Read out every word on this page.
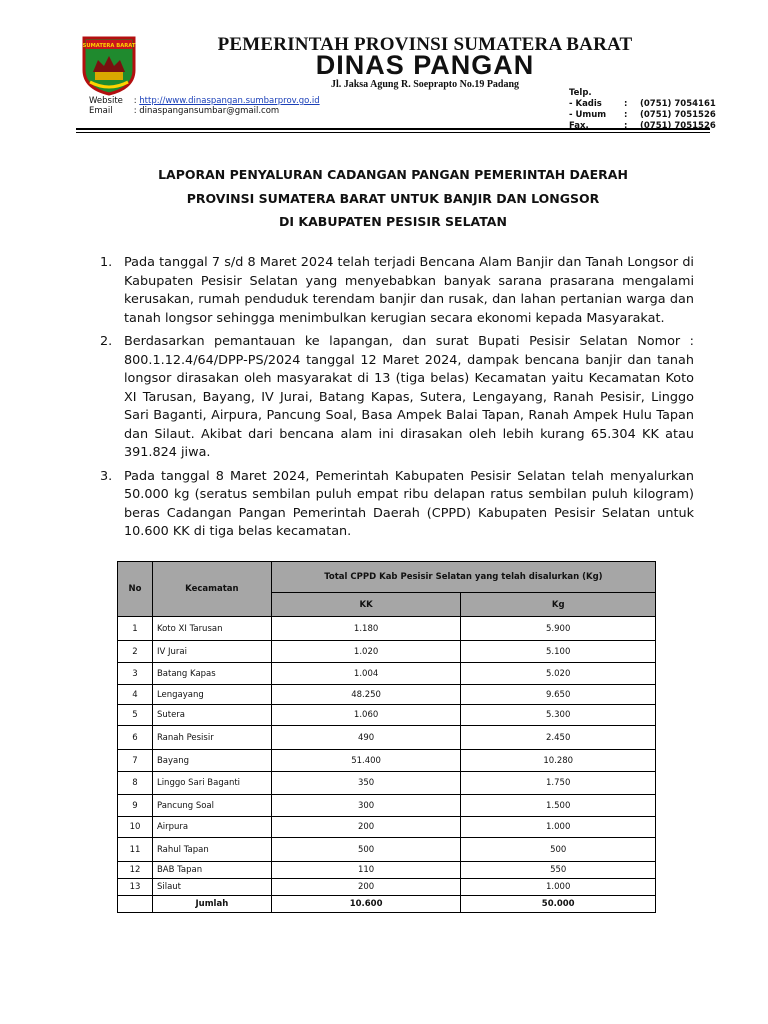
SUMATERA BARAT	PEMERINTAH PROVINSI SUMATERA BARAT
DINAS PANGAN
Jl. Jaksa Agung R. Soeprapto No.19 Padang
Website : http://www.dinaspangan.sumbarprov.go.id
Email : dinaspangansumbar@gmail.com
Telp.
- Kadis	: (0751) 7054161
- Umum : (0751) 7051526
Fax.	: (0751) 7051526
LAPORAN PENYALURAN CADANGAN PANGAN PEMERINTAH DAERAH
PROVINSI SUMATERA BARAT UNTUK BANJIR DAN LONGSOR
DI KABUPATEN PESISIR SELATAN
1. Pada tanggal 7 s/d 8 Maret 2024 telah terjadi Bencana Alam Banjir dan Tanah Longsor di Kabupaten Pesisir Selatan yang menyebabkan banyak sarana prasarana mengalami kerusakan, rumah penduduk terendam banjir dan rusak, dan lahan pertanian warga dan tanah longsor sehingga menimbulkan kerugian secara ekonomi kepada Masyarakat.
2. Berdasarkan pemantauan ke lapangan, dan surat Bupati Pesisir Selatan Nomor : 800.1.12.4/64/DPP-PS/2024 tanggal 12 Maret 2024, dampak bencana banjir dan tanah longsor dirasakan oleh masyarakat di 13 (tiga belas) Kecamatan yaitu Kecamatan Koto XI Tarusan, Bayang, IV Jurai, Batang Kapas, Sutera, Lengayang, Ranah Pesisir, Linggo Sari Baganti, Airpura, Pancung Soal, Basa Ampek Balai Tapan, Ranah Ampek Hulu Tapan dan Silaut. Akibat dari bencana alam ini dirasakan oleh lebih kurang 65.304 KK atau 391.824 jiwa.
3. Pada tanggal 8 Maret 2024, Pemerintah Kabupaten Pesisir Selatan telah menyalurkan 50.000 kg (seratus sembilan puluh empat ribu delapan ratus sembilan puluh kilogram) beras Cadangan Pangan Pemerintah Daerah (CPPD) Kabupaten Pesisir Selatan untuk 10.600 KK di tiga belas kecamatan.
No	Kecamatan	Total CPPD Kab Pesisir Selatan yang telah disalurkan (Kg)	
		KK	Kg
1	Koto XI Tarusan	1.180	5.900
2	IV Jurai	1.020	5.100
3	Batang Kapas	1.004	5.020
4	Lengayang	48.250	9.650
5	Sutera	1.060	5.300
6	Ranah Pesisir	490	2.450
7	Bayang	51.400	10.280
8	Linggo Sari Baganti	350	1.750
9	Pancung Soal	300	1.500
10	Airpura	200	1.000
11	Rahul Tapan	500	500
12	BAB Tapan	110	550
13	Silaut	200	1.000
	Jumlah	10.600	50.000
